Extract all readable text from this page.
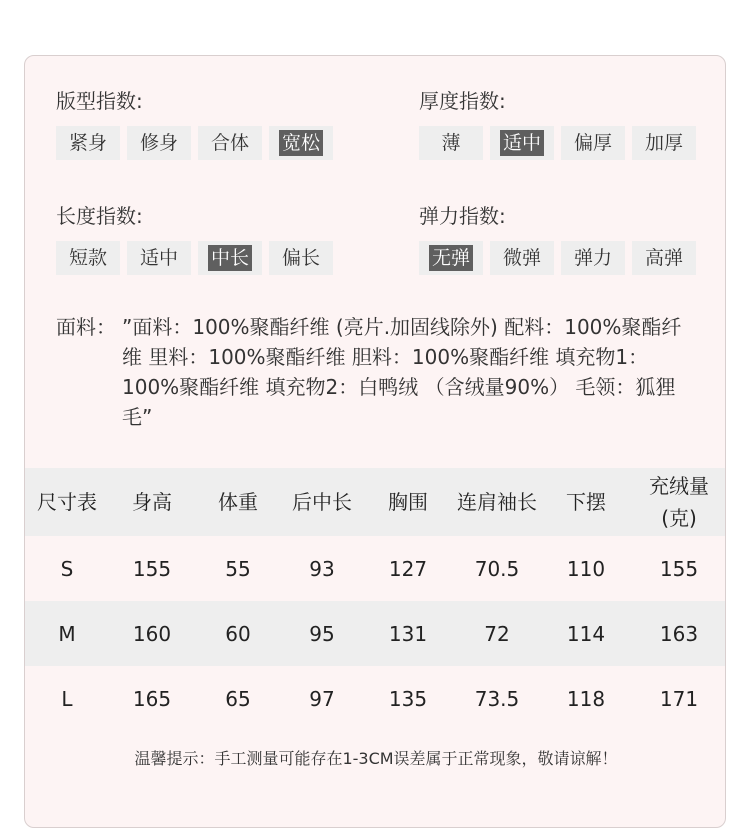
版型指数:
紧身 修身 合体 宽松
厚度指数:
薄 适中 偏厚 加厚
长度指数:
短款 适中 中长 偏长
弹力指数:
无弹 微弹 弹力 高弹
面料： ”面料：100%聚酯纤维 (亮片.加固线除外) 配料：100%聚酯纤维 里料：100%聚酯纤维 胆料：100%聚酯纤维 填充物1：100%聚酯纤维 填充物2：白鸭绒 （含绒量90%） 毛领：狐狸毛”
尺寸表	身高	体重	后中长	胸围	连肩袖长	下摆	充绒量
(克)
S	155	55	93	127	70.5	110	155
M	160	60	95	131	72	114	163
L	165	65	97	135	73.5	118	171
温馨提示：手工测量可能存在1-3CM误差属于正常现象，敬请谅解！
